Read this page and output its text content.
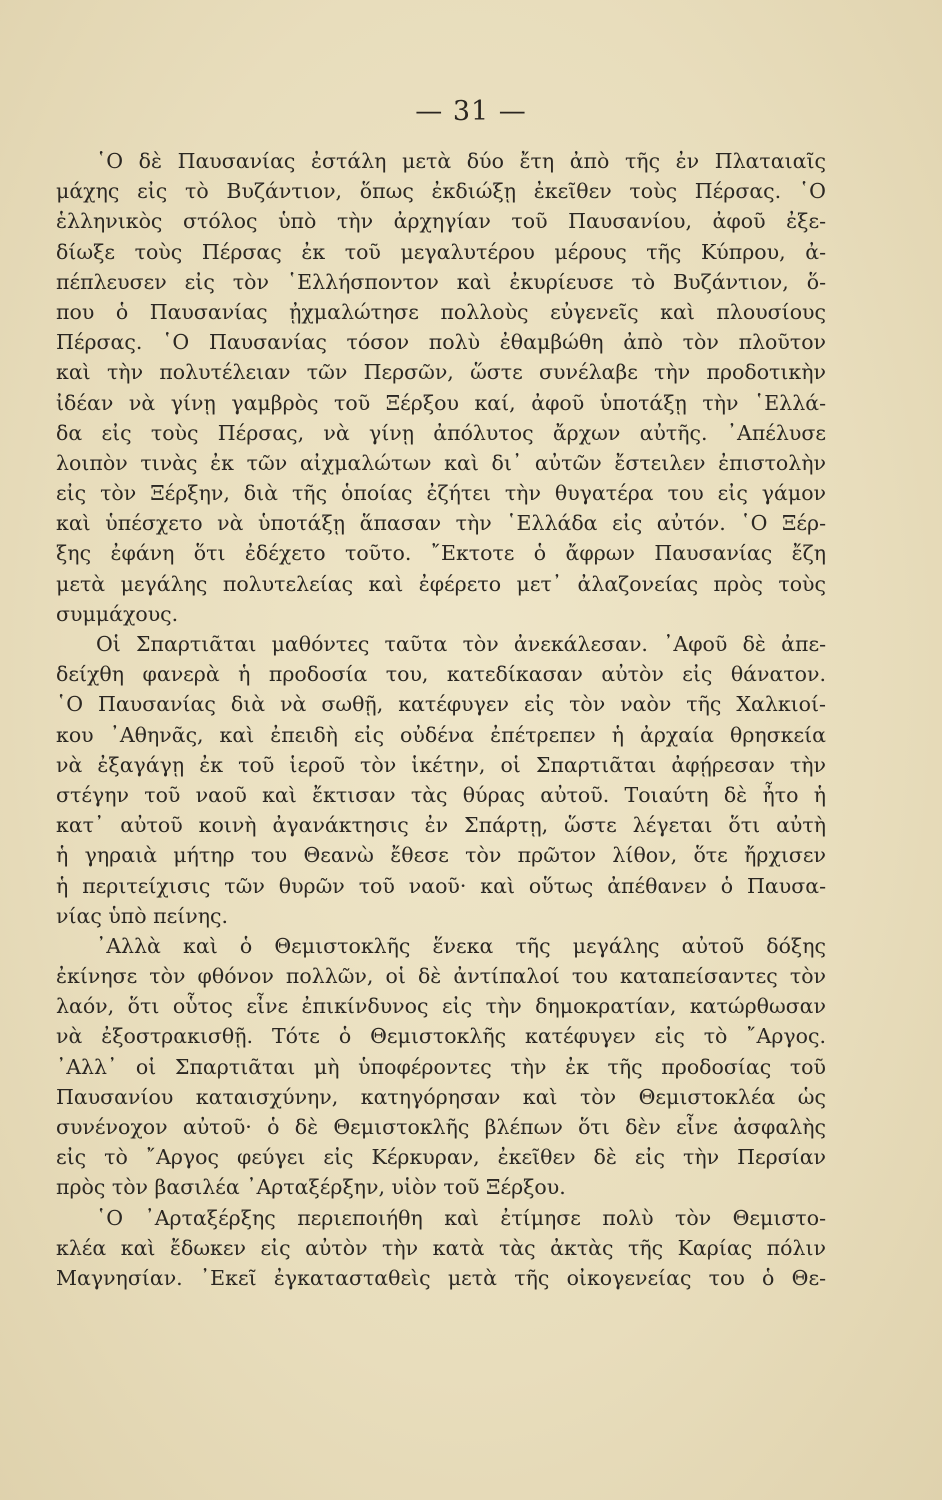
— 31 —
῾Ο δὲ Παυσανίας ἐστάλη μετὰ δύο ἔτη ἀπὸ τῆς ἐν Πλαταιαῖς
μάχης εἰς τὸ Βυζάντιον, ὅπως ἐκδιώξῃ ἐκεῖθεν τοὺς Πέρσας. ῾Ο
ἑλληνικὸς στόλος ὑπὸ τὴν ἀρχηγίαν τοῦ Παυσανίου, ἀφοῦ ἐξε-
δίωξε τοὺς Πέρσας ἐκ τοῦ μεγαλυτέρου μέρους τῆς Κύπρου, ἀ-
πέπλευσεν εἰς τὸν ῾Ελλήσποντον καὶ ἐκυρίευσε τὸ Βυζάντιον, ὅ-
που ὁ Παυσανίας ᾐχμαλώτησε πολλοὺς εὐγενεῖς καὶ πλουσίους
Πέρσας. ῾Ο Παυσανίας τόσον πολὺ ἐθαμβώθη ἀπὸ τὸν πλοῦτον
καὶ τὴν πολυτέλειαν τῶν Περσῶν, ὥστε συνέλαβε τὴν προδοτικὴν
ἰδέαν νὰ γίνῃ γαμβρὸς τοῦ Ξέρξου καί, ἀφοῦ ὑποτάξῃ τὴν ῾Ελλά-
δα εἰς τοὺς Πέρσας, νὰ γίνῃ ἀπόλυτος ἄρχων αὐτῆς. ᾿Απέλυσε
λοιπὸν τινὰς ἐκ τῶν αἰχμαλώτων καὶ δι᾿ αὐτῶν ἔστειλεν ἐπιστολὴν
εἰς τὸν Ξέρξην, διὰ τῆς ὁποίας ἐζήτει τὴν θυγατέρα του εἰς γάμον
καὶ ὑπέσχετο νὰ ὑποτάξῃ ἅπασαν τὴν ῾Ελλάδα εἰς αὐτόν. ῾Ο Ξέρ-
ξης ἐφάνη ὅτι ἐδέχετο τοῦτο. ῎Εκτοτε ὁ ἄφρων Παυσανίας ἔζη
μετὰ μεγάλης πολυτελείας καὶ ἐφέρετο μετ᾿ ἀλαζονείας πρὸς τοὺς
συμμάχους.
Οἱ Σπαρτιᾶται μαθόντες ταῦτα τὸν ἀνεκάλεσαν. ᾿Αφοῦ δὲ ἀπε-
δείχθη φανερὰ ἡ προδοσία του, κατεδίκασαν αὐτὸν εἰς θάνατον.
῾Ο Παυσανίας διὰ νὰ σωθῇ, κατέφυγεν εἰς τὸν ναὸν τῆς Χαλκιοί-
κου ᾿Αθηνᾶς, καὶ ἐπειδὴ εἰς οὐδένα ἐπέτρεπεν ἡ ἀρχαία θρησκεία
νὰ ἐξαγάγῃ ἐκ τοῦ ἱεροῦ τὸν ἱκέτην, οἱ Σπαρτιᾶται ἀφῄρεσαν τὴν
στέγην τοῦ ναοῦ καὶ ἔκτισαν τὰς θύρας αὐτοῦ. Τοιαύτη δὲ ἦτο ἡ
κατ᾿ αὐτοῦ κοινὴ ἀγανάκτησις ἐν Σπάρτῃ, ὥστε λέγεται ὅτι αὐτὴ
ἡ γηραιὰ μήτηρ του Θεανὼ ἔθεσε τὸν πρῶτον λίθον, ὅτε ἤρχισεν
ἡ περιτείχισις τῶν θυρῶν τοῦ ναοῦ· καὶ οὕτως ἀπέθανεν ὁ Παυσα-
νίας ὑπὸ πείνης.
᾿Αλλὰ καὶ ὁ Θεμιστοκλῆς ἕνεκα τῆς μεγάλης αὐτοῦ δόξης
ἐκίνησε τὸν φθόνον πολλῶν, οἱ δὲ ἀντίπαλοί του καταπείσαντες τὸν
λαόν, ὅτι οὗτος εἶνε ἐπικίνδυνος εἰς τὴν δημοκρατίαν, κατώρθωσαν
νὰ ἐξοστρακισθῇ. Τότε ὁ Θεμιστοκλῆς κατέφυγεν εἰς τὸ ῎Αργος.
᾿Αλλ᾿ οἱ Σπαρτιᾶται μὴ ὑποφέροντες τὴν ἐκ τῆς προδοσίας τοῦ
Παυσανίου καταισχύνην, κατηγόρησαν καὶ τὸν Θεμιστοκλέα ὡς
συνένοχον αὐτοῦ· ὁ δὲ Θεμιστοκλῆς βλέπων ὅτι δὲν εἶνε ἀσφαλὴς
εἰς τὸ ῎Αργος φεύγει εἰς Κέρκυραν, ἐκεῖθεν δὲ εἰς τὴν Περσίαν
πρὸς τὸν βασιλέα ᾿Αρταξέρξην, υἱὸν τοῦ Ξέρξου.
῾Ο ᾿Αρταξέρξης περιεποιήθη καὶ ἐτίμησε πολὺ τὸν Θεμιστο-
κλέα καὶ ἔδωκεν εἰς αὐτὸν τὴν κατὰ τὰς ἀκτὰς τῆς Καρίας πόλιν
Μαγνησίαν. ᾿Εκεῖ ἐγκατασταθεὶς μετὰ τῆς οἰκογενείας του ὁ Θε-
